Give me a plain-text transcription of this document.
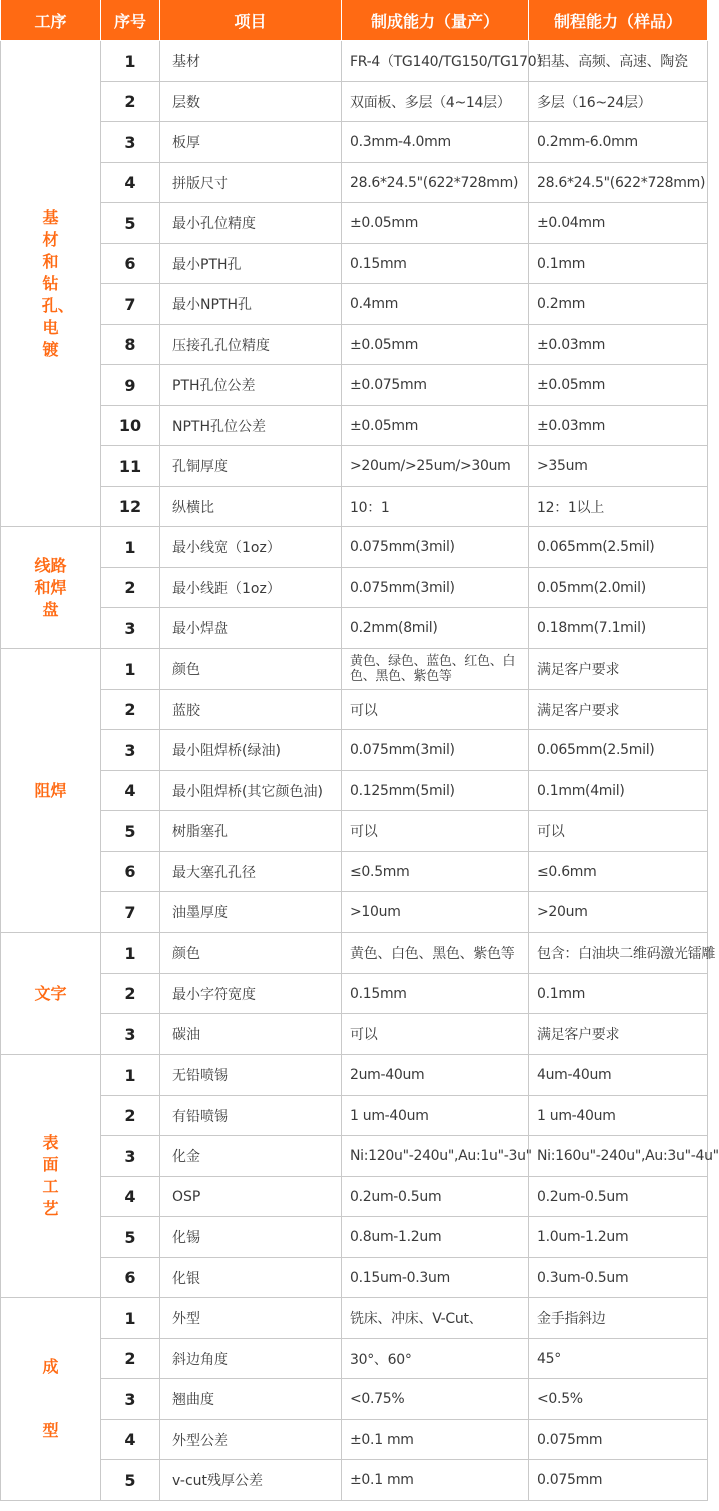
工序	序号	项目	制成能力（量产）	制程能力（样品）
基材和钻孔、电镀	1	基材	FR-4（TG140/TG150/TG170）	铝基、高频、高速、陶瓷
	2	层数	双面板、多层（4~14层）	多层（16~24层）
	3	板厚	0.3mm-4.0mm	0.2mm-6.0mm
	4	拼版尺寸	28.6*24.5"(622*728mm)	28.6*24.5"(622*728mm)
	5	最小孔位精度	±0.05mm	±0.04mm
	6	最小PTH孔	0.15mm	0.1mm
	7	最小NPTH孔	0.4mm	0.2mm
	8	压接孔孔位精度	±0.05mm	±0.03mm
	9	PTH孔位公差	±0.075mm	±0.05mm
	10	NPTH孔位公差	±0.05mm	±0.03mm
	11	孔铜厚度	>20um/>25um/>30um	>35um
	12	纵横比	10：1	12：1以上
线路和焊盘	1	最小线宽（1oz）	0.075mm(3mil)	0.065mm(2.5mil)
	2	最小线距（1oz）	0.075mm(3mil)	0.05mm(2.0mil)
	3	最小焊盘	0.2mm(8mil)	0.18mm(7.1mil)
阻焊	1	颜色	黄色、绿色、蓝色、红色、白色、黑色、紫色等	满足客户要求
	2	蓝胶	可以	满足客户要求
	3	最小阻焊桥(绿油)	0.075mm(3mil)	0.065mm(2.5mil)
	4	最小阻焊桥(其它颜色油)	0.125mm(5mil)	0.1mm(4mil)
	5	树脂塞孔	可以	可以
	6	最大塞孔孔径	≤0.5mm	≤0.6mm
	7	油墨厚度	>10um	>20um
文字	1	颜色	黄色、白色、黑色、紫色等	包含：白油块二维码激光镭雕
	2	最小字符宽度	0.15mm	0.1mm
	3	碳油	可以	满足客户要求
表面工艺	1	无铅喷锡	2um-40um	4um-40um
	2	有铅喷锡	1 um-40um	1 um-40um
	3	化金	Ni:120u"-240u",Au:1u"-3u"	Ni:160u"-240u",Au:3u"-4u"
	4	OSP	0.2um-0.5um	0.2um-0.5um
	5	化锡	0.8um-1.2um	1.0um-1.2um
	6	化银	0.15um-0.3um	0.3um-0.5um
成型	1	外型	铣床、冲床、V-Cut、	金手指斜边
	2	斜边角度	30°、60°	45°
	3	翘曲度	<0.75%	<0.5%
	4	外型公差	±0.1 mm	0.075mm
	5	v-cut残厚公差	±0.1 mm	0.075mm
